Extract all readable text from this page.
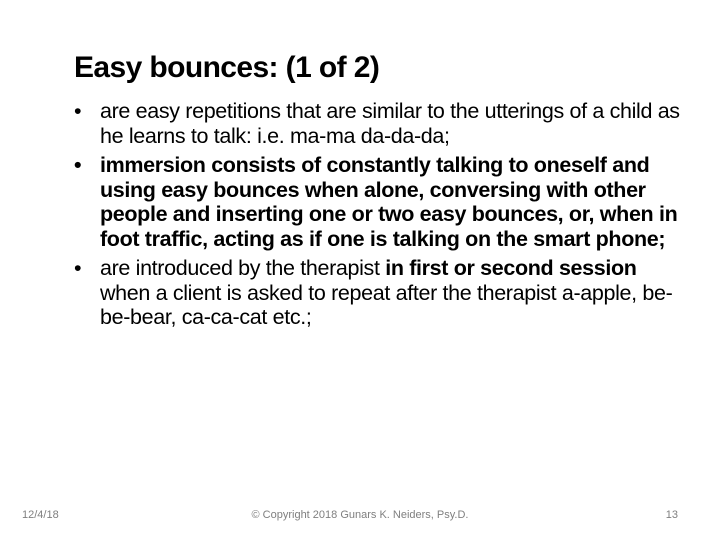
Easy bounces: (1 of 2)
• are easy repetitions that are similar to the utterings of a child as he learns to talk: i.e. ma-ma da-da-da;
• immersion consists of constantly talking to oneself and using easy bounces when alone, conversing with other people and inserting one or two easy bounces, or, when in foot traffic, acting as if one is talking on the smart phone;
• are introduced by the therapist in first or second session when a client is asked to repeat after the therapist a-apple, be-be-bear, ca-ca-cat etc.;
12/4/18	© Copyright 2018 Gunars K. Neiders, Psy.D.	13
